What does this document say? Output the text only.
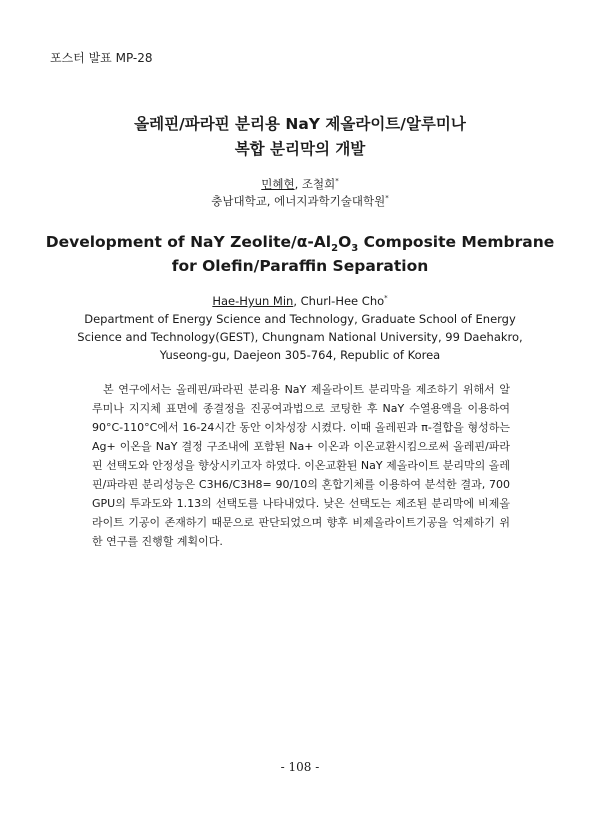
포스터 발표 MP-28
올레핀/파라핀 분리용 NaY 제올라이트/알루미나
복합 분리막의 개발
민혜현, 조철희*
충남대학교, 에너지과학기술대학원*
Development of NaY Zeolite/$\alpha-Al_2O_3$ Composite Membrane
for Olefin/Paraffin Separation
Hae-Hyun Min, Churl-Hee Cho*
Department of Energy Science and Technology, Graduate School of Energy
Science and Technology(GEST), Chungnam National University, 99 Daehakro,
Yuseong-gu, Daejeon 305-764, Republic of Korea

본 연구에서는 올레핀/파라핀 분리용 NaY 제올라이트 분리막을 제조하기 위해서 알루미나 지지체 표면에 종결정을 진공여과법으로 코팅한 후 NaY 수열용액을 이용하여 90°C-110°C에서 16-24시간 동안 이차성장 시켰다. 이때 올레핀과 π-결합을 형성하는 Ag+ 이온을 NaY 결정 구조내에 포함된 Na+ 이온과 이온교환시킴으로써 올레핀/파라핀 선택도와 안정성을 향상시키고자 하였다. 이온교환된 NaY 제올라이트 분리막의 올레핀/파라핀 분리성능은 C3H6/C3H8= 90/10의 혼합기체를 이용하여 분석한 결과, 700 GPU의 투과도와 1.13의 선택도를 나타내었다. 낮은 선택도는 제조된 분리막에 비제올라이트 기공이 존재하기 때문으로 판단되었으며 향후 비제올라이트기공을 억제하기 위한 연구를 진행할 계획이다.

- 108 -
